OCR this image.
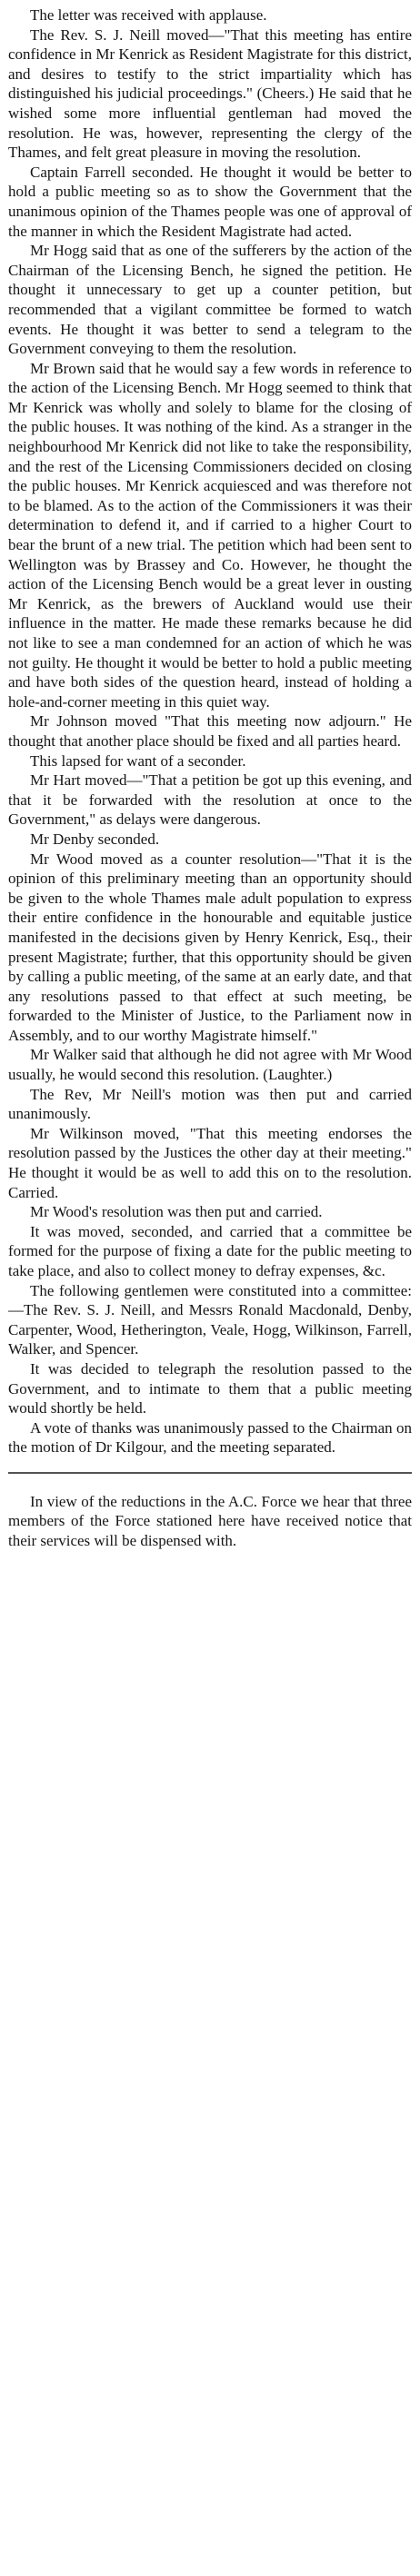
The letter was received with applause.

The Rev. S. J. Neill moved—"That this meeting has entire confidence in Mr Kenrick as Resident Magistrate for this district, and desires to testify to the strict impartiality which has distinguished his judicial proceedings." (Cheers.) He said that he wished some more influential gentleman had moved the resolution. He was, however, representing the clergy of the Thames, and felt great pleasure in moving the resolution.

Captain Farrell seconded. He thought it would be better to hold a public meeting so as to show the Government that the unanimous opinion of the Thames people was one of approval of the manner in which the Resident Magistrate had acted.

Mr Hogg said that as one of the sufferers by the action of the Chairman of the Licensing Bench, he signed the petition. He thought it unnecessary to get up a counter petition, but recommended that a vigilant committee be formed to watch events. He thought it was better to send a telegram to the Government conveying to them the resolution.

Mr Brown said that he would say a few words in reference to the action of the Licensing Bench. Mr Hogg seemed to think that Mr Kenrick was wholly and solely to blame for the closing of the public houses. It was nothing of the kind. As a stranger in the neighbourhood Mr Kenrick did not like to take the responsibility, and the rest of the Licensing Commissioners decided on closing the public houses. Mr Kenrick acquiesced and was therefore not to be blamed. As to the action of the Commissioners it was their determination to defend it, and if carried to a higher Court to bear the brunt of a new trial. The petition which had been sent to Wellington was by Brassey and Co. However, he thought the action of the Licensing Bench would be a great lever in ousting Mr Kenrick, as the brewers of Auckland would use their influence in the matter. He made these remarks because he did not like to see a man condemned for an action of which he was not guilty. He thought it would be better to hold a public meeting and have both sides of the question heard, instead of holding a hole-and-corner meeting in this quiet way.

Mr Johnson moved "That this meeting now adjourn." He thought that another place should be fixed and all parties heard.

This lapsed for want of a seconder.

Mr Hart moved—"That a petition be got up this evening, and that it be forwarded with the resolution at once to the Government," as delays were dangerous.

Mr Denby seconded.

Mr Wood moved as a counter resolution—"That it is the opinion of this preliminary meeting than an opportunity should be given to the whole Thames male adult population to express their entire confidence in the honourable and equitable justice manifested in the decisions given by Henry Kenrick, Esq., their present Magistrate; further, that this opportunity should be given by calling a public meeting, of the same at an early date, and that any resolutions passed to that effect at such meeting, be forwarded to the Minister of Justice, to the Parliament now in Assembly, and to our worthy Magistrate himself."

Mr Walker said that although he did not agree with Mr Wood usually, he would second this resolution. (Laughter.)

The Rev, Mr Neill's motion was then put and carried unanimously.

Mr Wilkinson moved, "That this meeting endorses the resolution passed by the Justices the other day at their meeting." He thought it would be as well to add this on to the resolution. Carried.

Mr Wood's resolution was then put and carried.

It was moved, seconded, and carried that a committee be formed for the purpose of fixing a date for the public meeting to take place, and also to collect money to defray expenses, &c.

The following gentlemen were constituted into a committee:—The Rev. S. J. Neill, and Messrs Ronald Macdonald, Denby, Carpenter, Wood, Hetherington, Veale, Hogg, Wilkinson, Farrell, Walker, and Spencer.

It was decided to telegraph the resolution passed to the Government, and to intimate to them that a public meeting would shortly be held.

A vote of thanks was unanimously passed to the Chairman on the motion of Dr Kilgour, and the meeting separated.

In view of the reductions in the A.C. Force we hear that three members of the Force stationed here have received notice that their services will be dispensed with.
